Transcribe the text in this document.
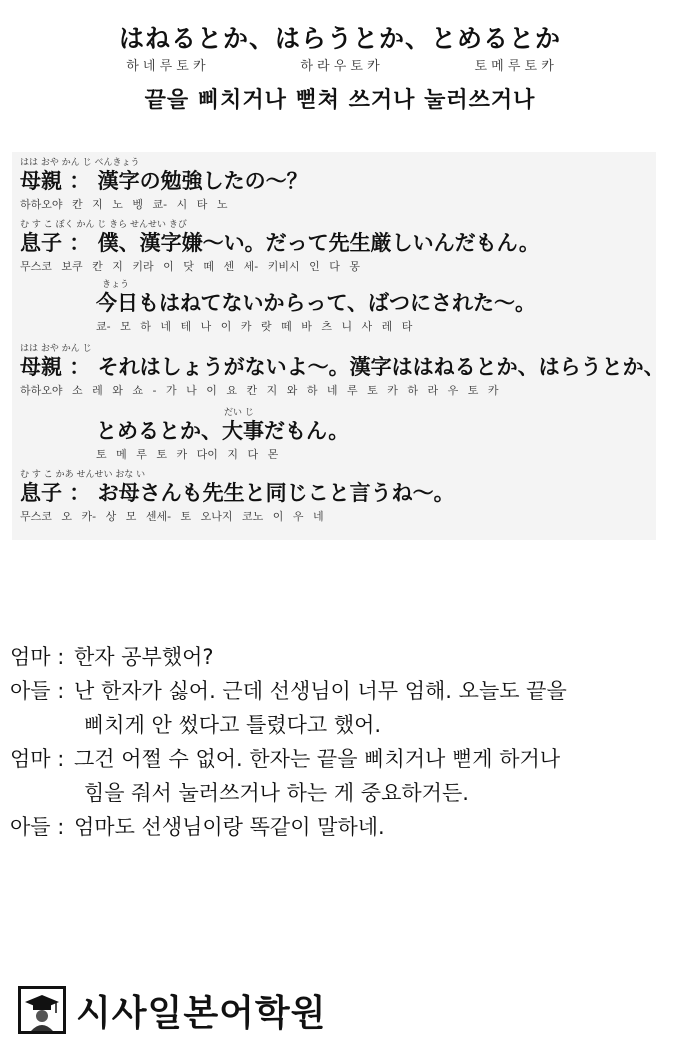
はねるとか、はらうとか、とめるとか
하 네 루 토 카	하 라 우 토 카	토 메 루 토 카
끝을 삐치거나 뻗쳐 쓰거나 눌러쓰거나
はは おや かん じ べんきょう
母親 ： 漢字の勉強したの～？
하하오야 칸 지 노 벵 쿄- 시 타 노
む す こ ぼく かん じ きら せんせい きび
息子 ： 僕、漢字嫌～い。だって先生厳しいんだもん。
무스코 보쿠 칸 지 키라 이 닷 떼 센 세- 키비시 인 다 몽
きょう
今日もはねてないからって、ばつにされた～。
쿄- 모 하 네 테 나 이 카 랏 떼 바 츠 니 사 레 타
はは おや かん じ
母親 ： それはしょうがないよ～。漢字ははねるとか、はらうとか、
하하오야 소 레 와 쇼 - 가 나 이 요 칸 지 와 하 네 루 토 카 하 라 우 토 카
だい じ
とめるとか、大事だもん。
토 메 루 토 카 다이 지 다 몬
む す こ かあ せんせい おな い
息子 ： お母さんも先生と同じこと言うね～。
무스코 오 카- 상 모 센세- 토 오나지 코노 이 우 네
엄마 : 한자 공부했어?
아들 : 난 한자가 싫어. 근데 선생님이 너무 엄해. 오늘도 끝을
삐치게 안 썼다고 틀렸다고 했어.
엄마 : 그건 어쩔 수 없어. 한자는 끝을 삐치거나 뻗게 하거나
힘을 줘서 눌러쓰거나 하는 게 중요하거든.
아들 : 엄마도 선생님이랑 똑같이 말하네.
시사일본어학원
